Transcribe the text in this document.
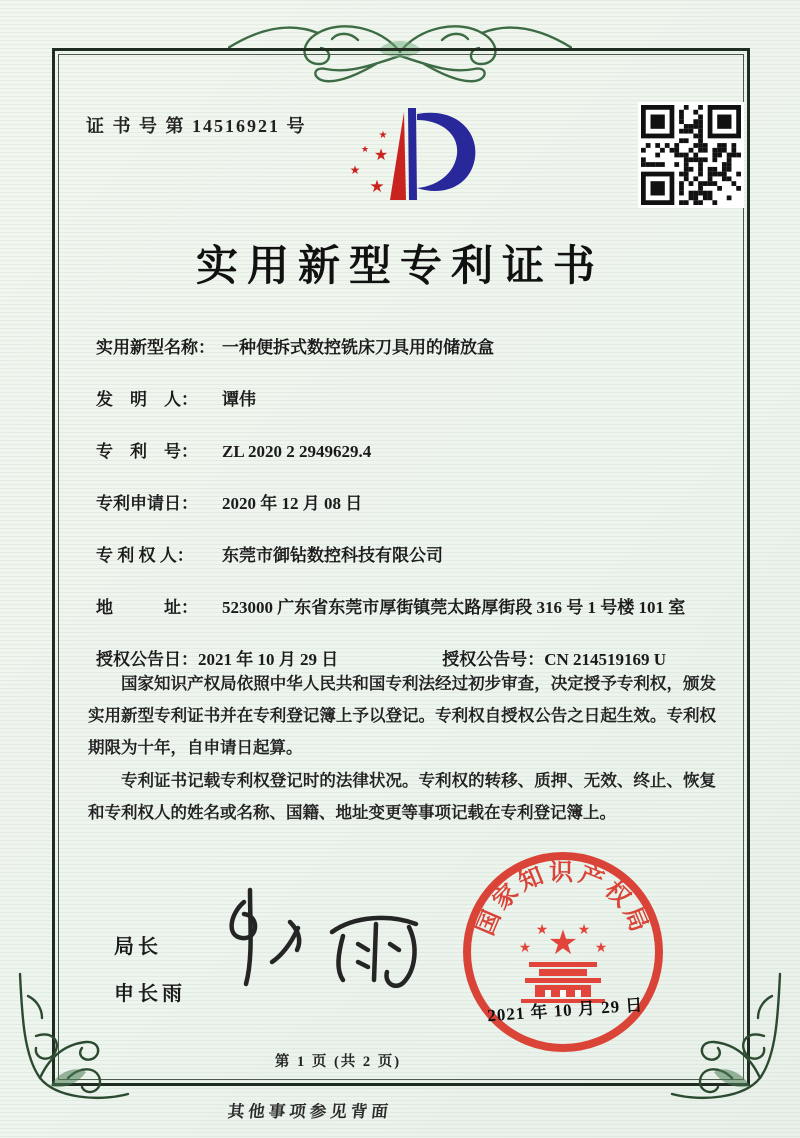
证 书 号 第 14516921 号	★
★ ★
★
★
实用新型专利证书
实用新型名称： 一种便拆式数控铣床刀具用的储放盒
发　明　人：	谭伟
专　利　号：	ZL 2020 2 2949629.4
专利申请日：	2020 年 12 月 08 日
专 利 权 人：	东莞市御钻数控科技有限公司
地　　　址：	523000 广东省东莞市厚街镇莞太路厚街段 316 号 1 号楼 101 室
授权公告日： 2021 年 10 月 29 日	授权公告号： CN 214519169 U

国家知识产权局依照中华人民共和国专利法经过初步审查，决定授予专利权，颁发实用新型专利证书并在专利登记簿上予以登记。专利权自授权公告之日起生效。专利权期限为十年，自申请日起算。

专利证书记载专利权登记时的法律状况。专利权的转移、质押、无效、终止、恢复和专利权人的姓名或名称、国籍、地址变更等事项记载在专利登记簿上。

局长
申长雨
国家知识产权局
★
★
★ ★
★
2021 年 10 月 29 日
第 1 页 (共 2 页)
其他事项参见背面
